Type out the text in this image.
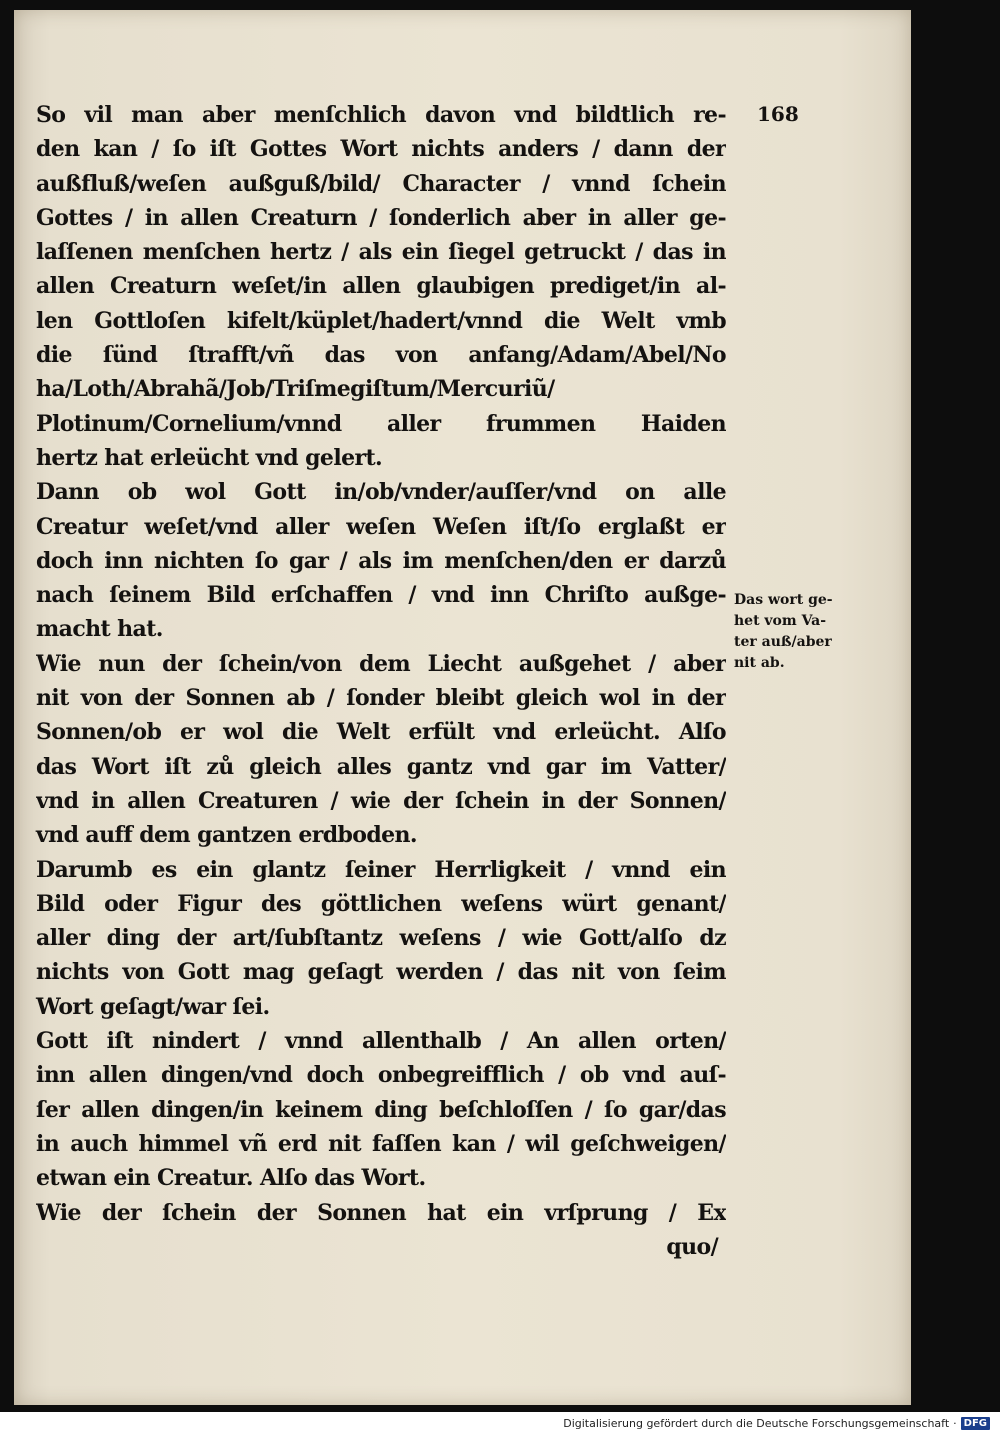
168
So vil man aber menſchlich davon vnd bildtlich re-
den kan / ſo iſt Gottes Wort nichts anders / dann der
außfluß/weſen außguß/bild/ Character / vnnd ſchein
Gottes / in allen Creaturn / ſonderlich aber in aller ge-
laſſenen menſchen hertz / als ein ſiegel getruckt / das in
allen Creaturn weſet/in allen glaubigen prediget/in al-
len Gottloſen kifelt/küplet/hadert/vnnd die Welt vmb
die ſünd ſtrafft/vñ das von anfang/Adam/Abel/No
ha/Loth/Abrahã/Job/Triſmegiſtum/Mercuriũ/
Plotinum/Cornelium/vnnd aller frummen Haiden
hertz hat erleücht vnd gelert.
Dann ob wol Gott in/ob/vnder/auſſer/vnd on alle
Creatur weſet/vnd aller weſen Weſen iſt/ſo erglaßt er
doch inn nichten ſo gar / als im menſchen/den er darzů
nach ſeinem Bild erſchaffen / vnd inn Chriſto außge-
macht hat.
Wie nun der ſchein/von dem Liecht außgehet / aber
nit von der Sonnen ab / ſonder bleibt gleich wol in der
Sonnen/ob er wol die Welt erfült vnd erleücht. Alſo
das Wort iſt zů gleich alles gantz vnd gar im Vatter/
vnd in allen Creaturen / wie der ſchein in der Sonnen/
vnd auff dem gantzen erdboden.
Darumb es ein glantz ſeiner Herrligkeit / vnnd ein
Bild oder Figur des göttlichen weſens würt genant/
aller ding der art/ſubſtantz weſens / wie Gott/alſo dz
nichts von Gott mag geſagt werden / das nit von ſeim
Wort geſagt/war ſei.
Gott iſt nindert / vnnd allenthalb / An allen orten/
inn allen dingen/vnd doch onbegreifflich / ob vnd auſ-
ſer allen dingen/in keinem ding beſchloſſen / ſo gar/das
in auch himmel vñ erd nit faſſen kan / wil geſchweigen/
etwan ein Creatur. Alſo das Wort.
Wie der ſchein der Sonnen hat ein vrſprung / Ex
quo/
Das wort ge-
het vom Va-
ter auß/aber
nit ab.
Digitalisierung gefördert durch die Deutsche Forschungsgemeinschaft · DFG
